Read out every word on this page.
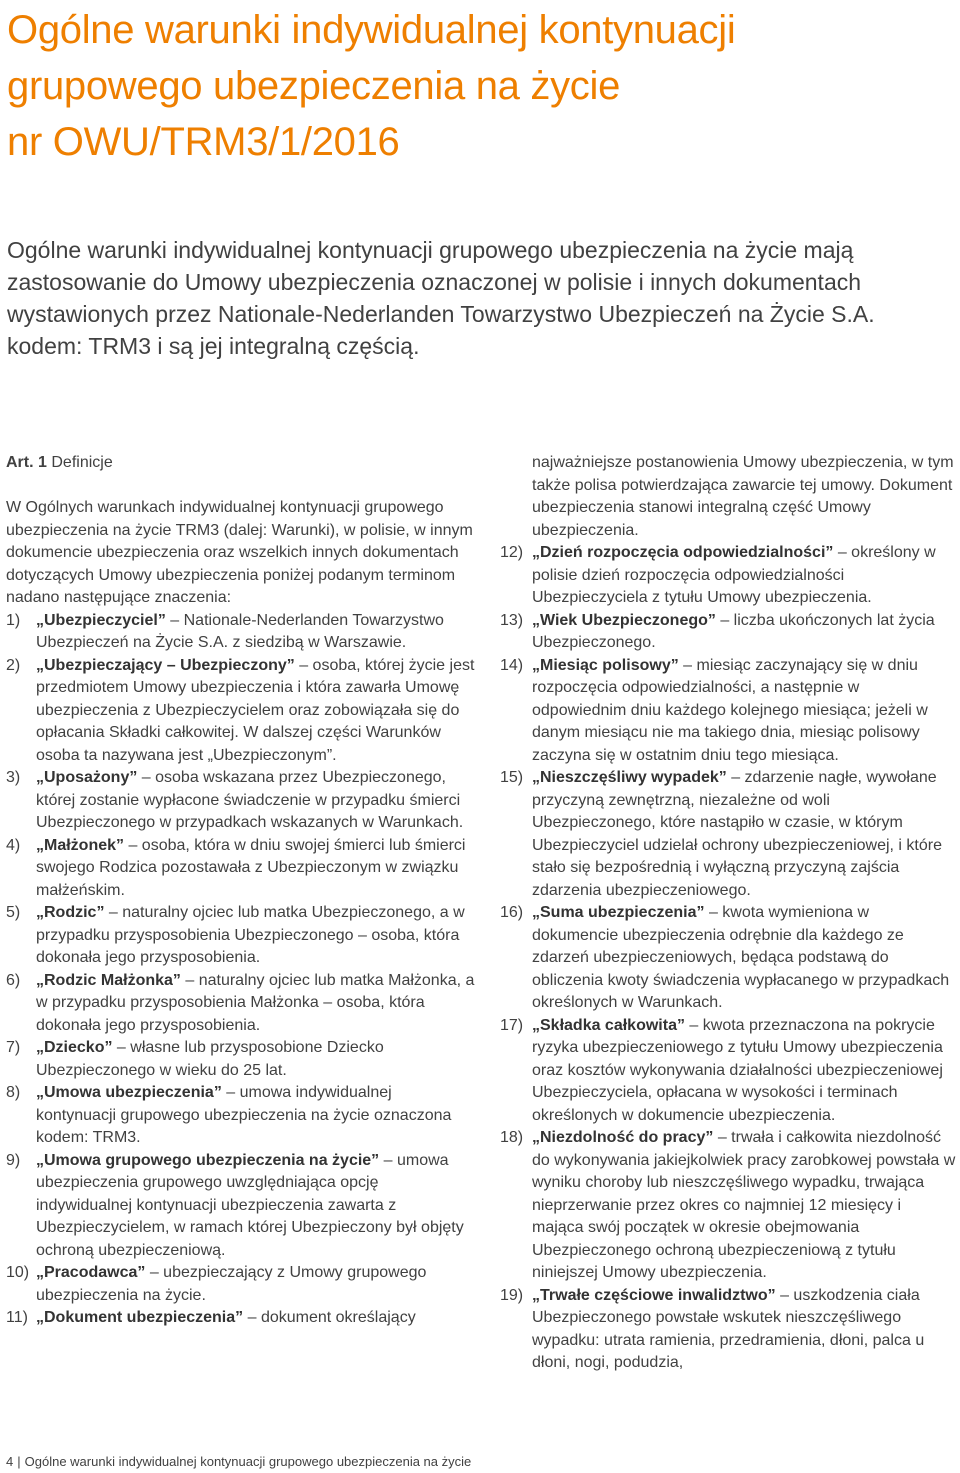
Ogólne warunki indywidualnej kontynuacji
grupowego ubezpieczenia na życie
nr OWU/TRM3/1/2016

Ogólne warunki indywidualnej kontynuacji grupowego ubezpieczenia na życie mają zastosowanie do Umowy ubezpieczenia oznaczonej w polisie i innych dokumentach wystawionych przez Nationale-Nederlanden Towarzystwo Ubezpieczeń na Życie S.A. kodem: TRM3 i są jej integralną częścią.

Art. 1 Definicje

W Ogólnych warunkach indywidualnej kontynuacji grupowego ubezpieczenia na życie TRM3 (dalej: Warunki), w polisie, w innym dokumencie ubezpieczenia oraz wszelkich innych dokumentach dotyczących Umowy ubezpieczenia poniżej podanym terminom nadano następujące znaczenia:

1) „Ubezpieczyciel” – Nationale-Nederlanden Towarzystwo Ubezpieczeń na Życie S.A. z siedzibą w Warszawie.
2) „Ubezpieczający – Ubezpieczony” – osoba, której życie jest przedmiotem Umowy ubezpieczenia i która zawarła Umowę ubezpieczenia z Ubezpieczycielem oraz zobowiązała się do opłacania Składki całkowitej. W dalszej części Warunków osoba ta nazywana jest „Ubezpieczonym”.
3) „Uposażony” – osoba wskazana przez Ubezpieczonego, której zostanie wypłacone świadczenie w przypadku śmierci Ubezpieczonego w przypadkach wskazanych w Warunkach.
4) „Małżonek” – osoba, która w dniu swojej śmierci lub śmierci swojego Rodzica pozostawała z Ubezpieczonym w związku małżeńskim.
5) „Rodzic” – naturalny ojciec lub matka Ubezpieczonego, a w przypadku przysposobienia Ubezpieczonego – osoba, która dokonała jego przysposobienia.
6) „Rodzic Małżonka” – naturalny ojciec lub matka Małżonka, a w przypadku przysposobienia Małżonka – osoba, która dokonała jego przysposobienia.
7) „Dziecko” – własne lub przysposobione Dziecko Ubezpieczonego w wieku do 25 lat.
8) „Umowa ubezpieczenia” – umowa indywidualnej kontynuacji grupowego ubezpieczenia na życie oznaczona kodem: TRM3.
9) „Umowa grupowego ubezpieczenia na życie” – umowa ubezpieczenia grupowego uwzględniająca opcję indywidualnej kontynuacji ubezpieczenia zawarta z Ubezpieczycielem, w ramach której Ubezpieczony był objęty ochroną ubezpieczeniową.
10) „Pracodawca” – ubezpieczający z Umowy grupowego ubezpieczenia na życie.
11) „Dokument ubezpieczenia” – dokument określający

najważniejsze postanowienia Umowy ubezpieczenia, w tym także polisa potwierdzająca zawarcie tej umowy. Dokument ubezpieczenia stanowi integralną część Umowy ubezpieczenia.

12) „Dzień rozpoczęcia odpowiedzialności” – określony w polisie dzień rozpoczęcia odpowiedzialności Ubezpieczyciela z tytułu Umowy ubezpieczenia.
13) „Wiek Ubezpieczonego” – liczba ukończonych lat życia Ubezpieczonego.
14) „Miesiąc polisowy” – miesiąc zaczynający się w dniu rozpoczęcia odpowiedzialności, a następnie w odpowiednim dniu każdego kolejnego miesiąca; jeżeli w danym miesiącu nie ma takiego dnia, miesiąc polisowy zaczyna się w ostatnim dniu tego miesiąca.
15) „Nieszczęśliwy wypadek” – zdarzenie nagłe, wywołane przyczyną zewnętrzną, niezależne od woli Ubezpieczonego, które nastąpiło w czasie, w którym Ubezpieczyciel udzielał ochrony ubezpieczeniowej, i które stało się bezpośrednią i wyłączną przyczyną zajścia zdarzenia ubezpieczeniowego.
16) „Suma ubezpieczenia” – kwota wymieniona w dokumencie ubezpieczenia odrębnie dla każdego ze zdarzeń ubezpieczeniowych, będąca podstawą do obliczenia kwoty świadczenia wypłacanego w przypadkach określonych w Warunkach.
17) „Składka całkowita” – kwota przeznaczona na pokrycie ryzyka ubezpieczeniowego z tytułu Umowy ubezpieczenia oraz kosztów wykonywania działalności ubezpieczeniowej Ubezpieczyciela, opłacana w wysokości i terminach określonych w dokumencie ubezpieczenia.
18) „Niezdolność do pracy” – trwała i całkowita niezdolność do wykonywania jakiejkolwiek pracy zarobkowej powstała w wyniku choroby lub nieszczęśliwego wypadku, trwająca nieprzerwanie przez okres co najmniej 12 miesięcy i mająca swój początek w okresie obejmowania Ubezpieczonego ochroną ubezpieczeniową z tytułu niniejszej Umowy ubezpieczenia.
19) „Trwałe częściowe inwalidztwo” – uszkodzenia ciała Ubezpieczonego powstałe wskutek nieszczęśliwego wypadku: utrata ramienia, przedramienia, dłoni, palca u dłoni, nogi, podudzia,
4 | Ogólne warunki indywidualnej kontynuacji grupowego ubezpieczenia na życie
